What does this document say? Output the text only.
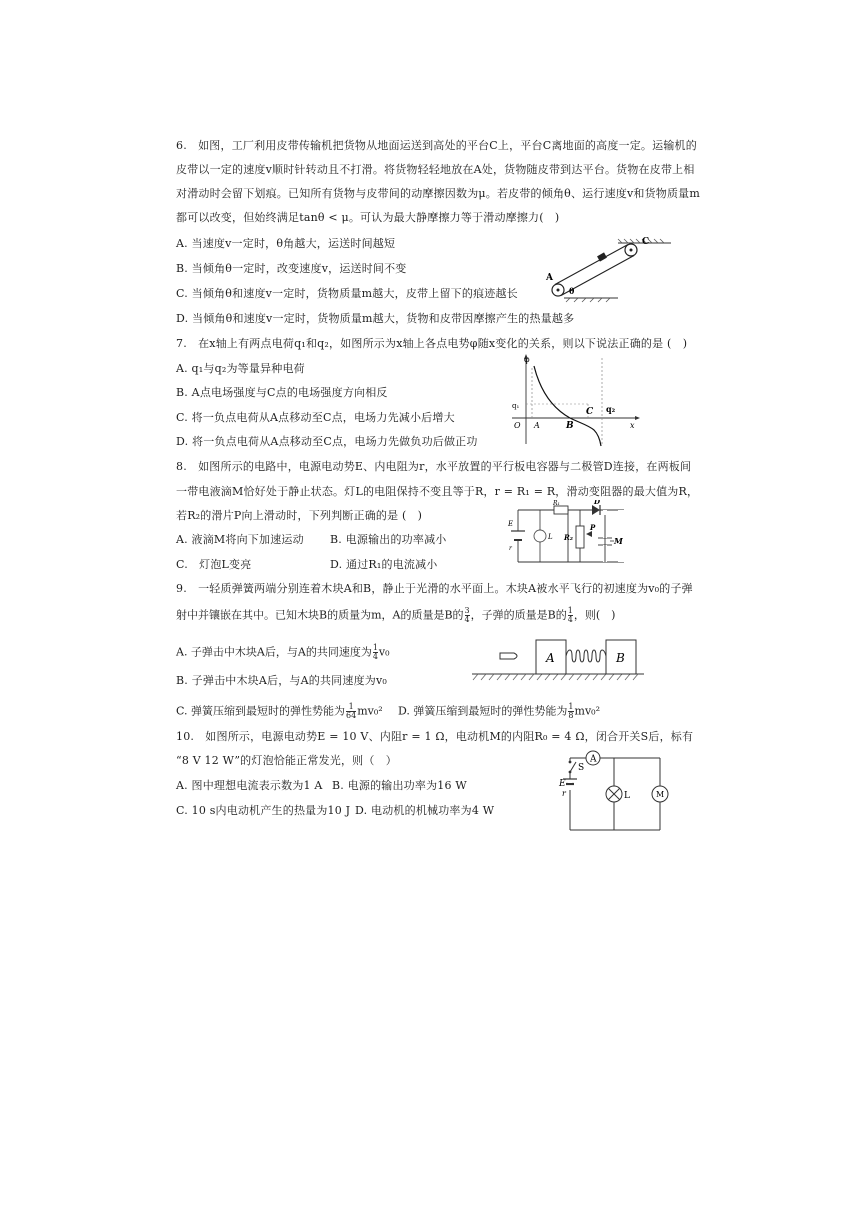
6.　如图，工厂利用皮带传输机把货物从地面运送到高处的平台C上，平台C离地面的高度一定。运输机的
皮带以一定的速度v顺时针转动且不打滑。将货物轻轻地放在A处，货物随皮带到达平台。货物在皮带上相
对滑动时会留下划痕。已知所有货物与皮带间的动摩擦因数为μ。若皮带的倾角θ、运行速度v和货物质量m
都可以改变，但始终满足tanθ < μ。可认为最大静摩擦力等于滑动摩擦力(　)
A. 当速度v一定时，θ角越大，运送时间越短
B. 当倾角θ一定时，改变速度v，运送时间不变
C. 当倾角θ和速度v一定时，货物质量m越大，皮带上留下的痕迹越长
D. 当倾角θ和速度v一定时，货物质量m越大，货物和皮带因摩擦产生的热量越多
A
C
θ
7.　在x轴上有两点电荷q₁和q₂，如图所示为x轴上各点电势φ随x变化的关系，则以下说法正确的是 (　)
A. q₁与q₂为等量异种电荷
B. A点电场强度与C点的电场强度方向相反
C. 将一负点电荷从A点移动至C点，电场力先减小后增大
D. 将一负点电荷从A点移动至C点，电场力先做负功后做正功
φ
q₁	q₂
O A	B
C
x
8.　如图所示的电路中，电源电动势E、内电阻为r，水平放置的平行板电容器与二极管D连接，在两板间
一带电液滴M恰好处于静止状态。灯L的电阻保持不变且等于R，r = R₁ = R，滑动变阻器的最大值为R，
若R₂的滑片P向上滑动时，下列判断正确的是 (　)
A. 液滴M将向下加速运动 B. 电源输出的功率减小
C.　灯泡L变亮	D. 通过R₁的电流减小
E
r
L
R₁
R₂
P
D
M
9.　一轻质弹簧两端分别连着木块A和B，静止于光滑的水平面上。木块A被水平飞行的初速度为v₀的子弹
射中并镶嵌在其中。已知木块B的质量为m，A的质量是B的 $\frac{3}{4}$ ，子弹的质量是B的 $\frac{1}{4}$ ，则(　)
A. 子弹击中木块A后，与A的共同速度为 $\frac{1}{4} v_0$
B. 子弹击中木块A后，与A的共同速度为v₀
C. 弹簧压缩到最短时的弹性势能为 $\frac{1}{64} mv_0^2$ D. 弹簧压缩到最短时的弹性势能为 $\frac{1}{8} mv_0^2$
A	B
10.　如图所示，电源电动势E = 10 V、内阻r = 1 Ω，电动机M的内阻R₀ = 4 Ω，闭合开关S后，标有
“8 V 12 W”的灯泡恰能正常发光，则（　）
A. 图中理想电流表示数为1 A B. 电源的输出功率为16 W
C. 10 s内电动机产生的热量为10 J D. 电动机的机械功率为4 W
A
S
E
r	L	M
